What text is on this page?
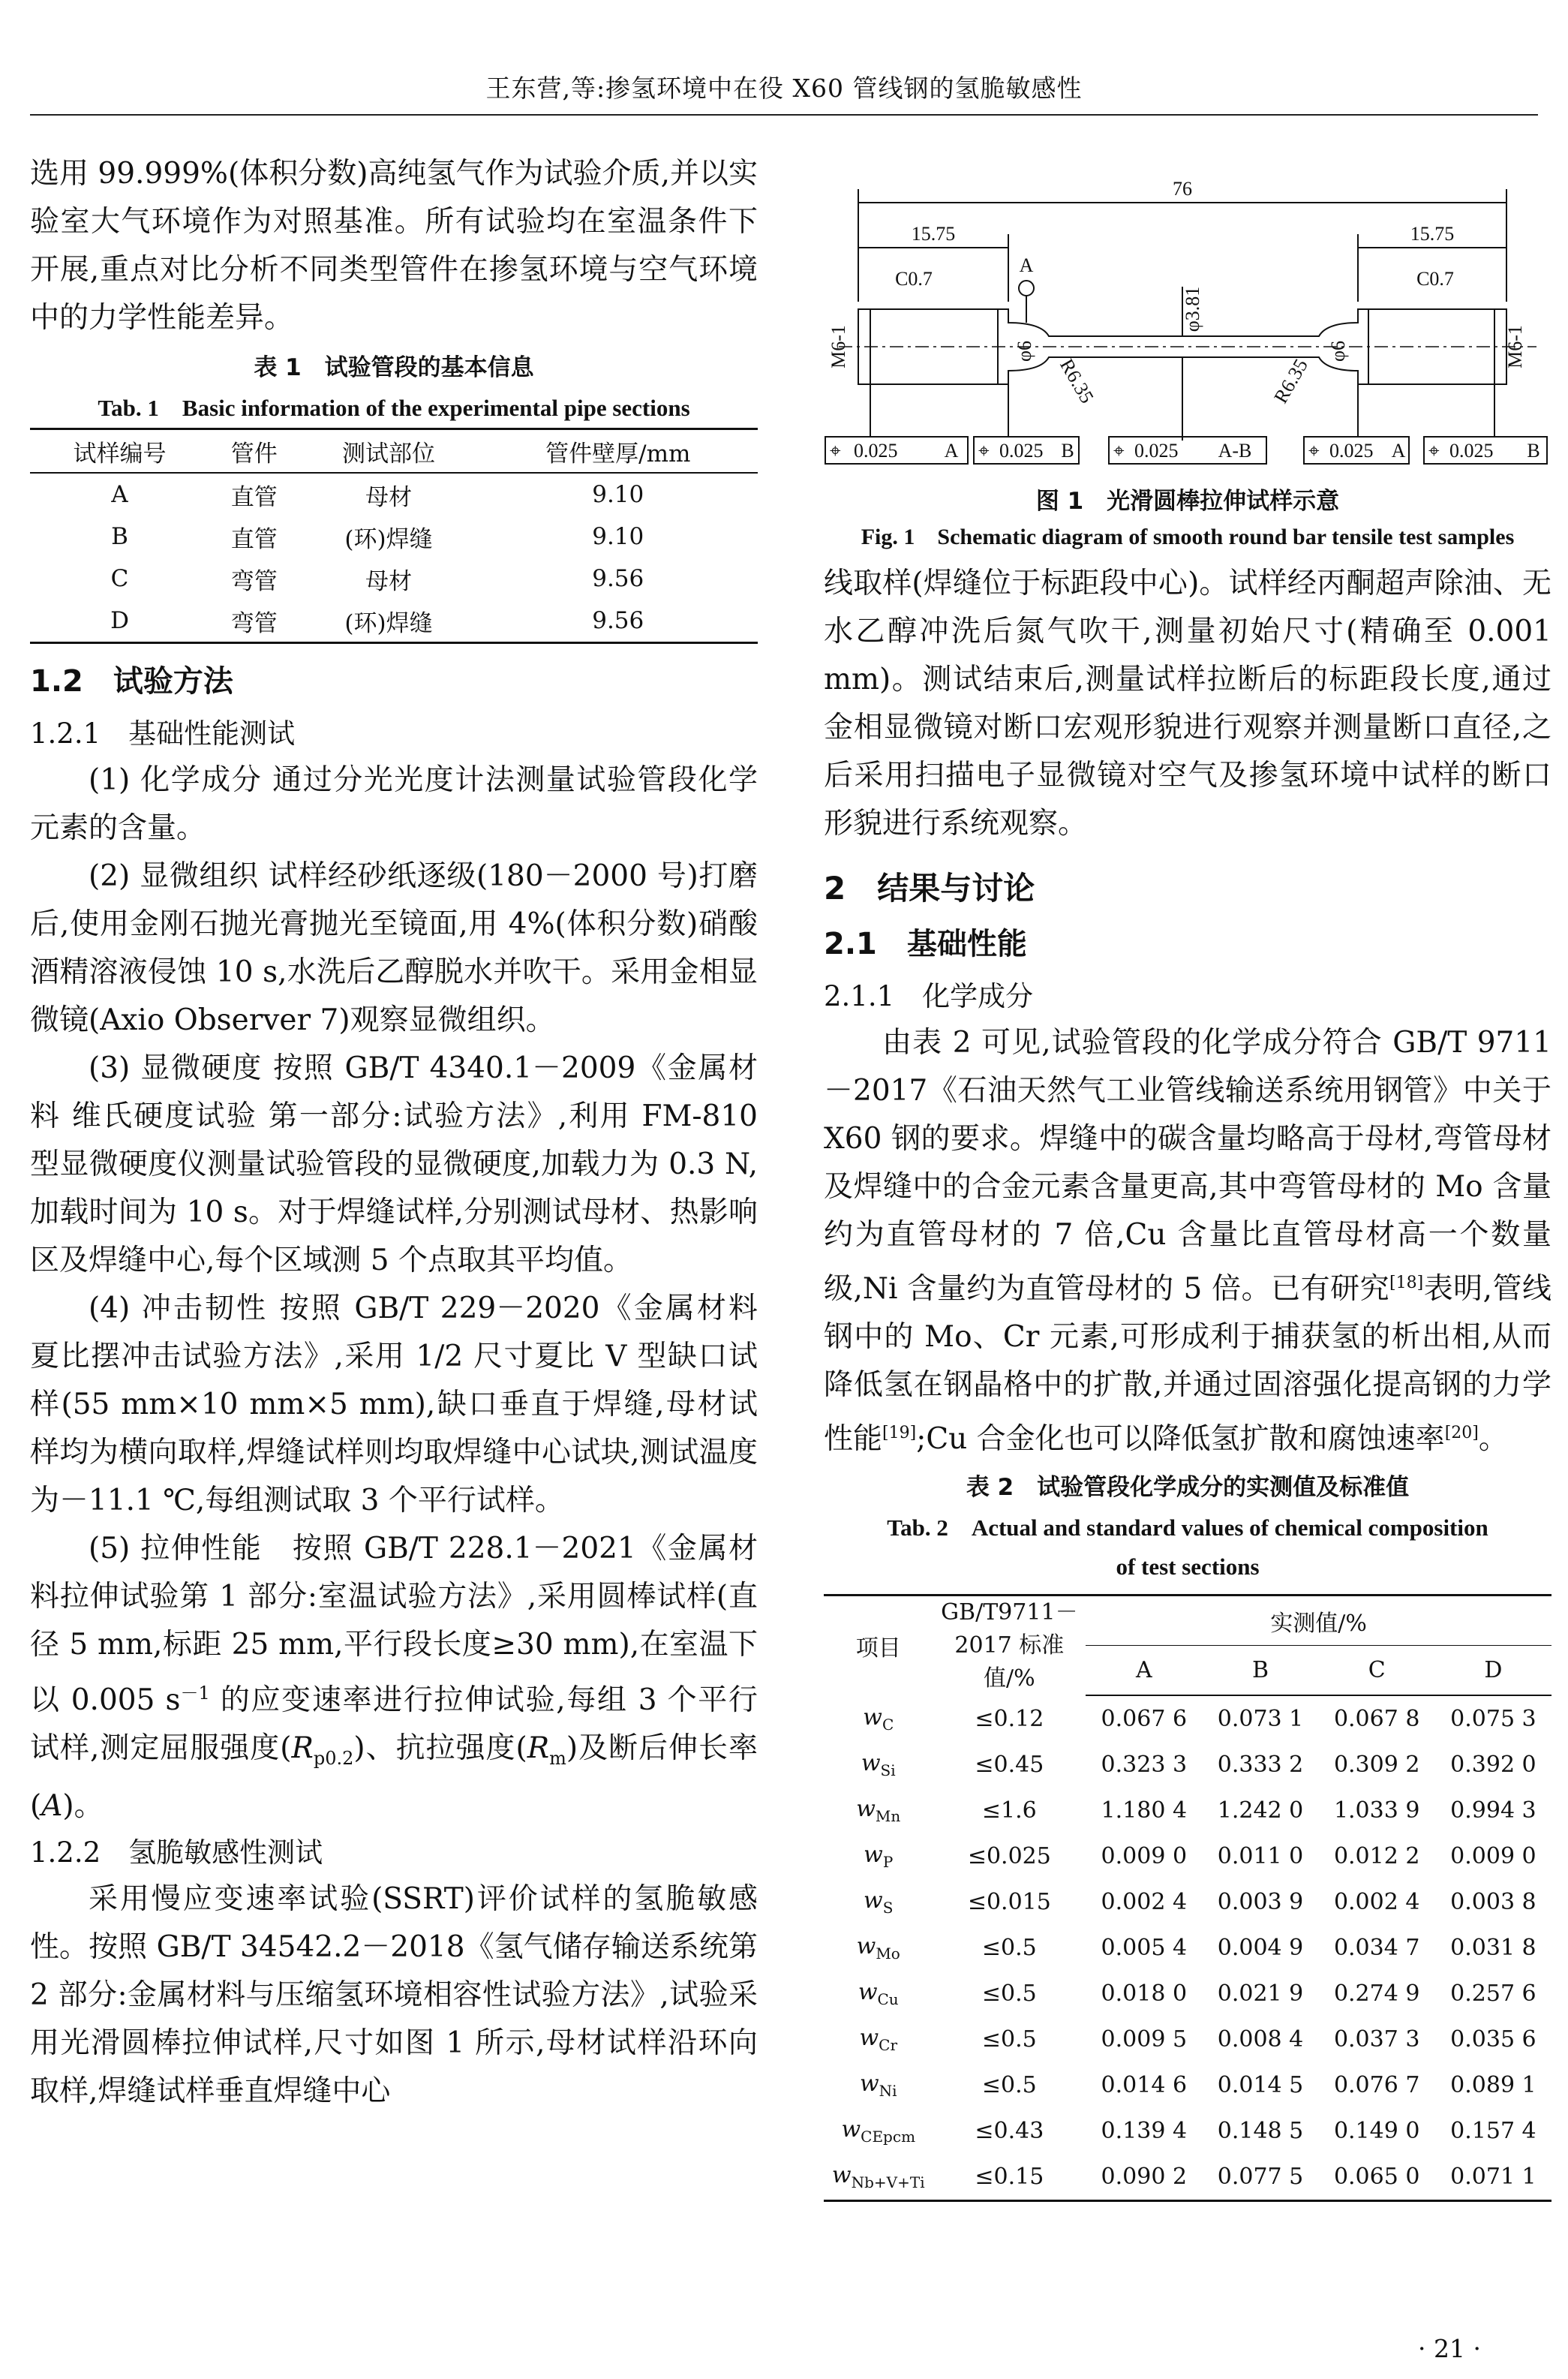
王东营,等:掺氢环境中在役 X60 管线钢的氢脆敏感性

选用 99.999%(体积分数)高纯氢气作为试验介质,并以实验室大气环境作为对照基准。所有试验均在室温条件下开展,重点对比分析不同类型管件在掺氢环境与空气环境中的力学性能差异。

表 1　试验管段的基本信息
Tab. 1　Basic information of the experimental pipe sections
试样编号	管件	测试部位	管件壁厚/mm
A	直管	母材	9.10
B	直管	(环)焊缝	9.10
C	弯管	母材	9.56
D	弯管	(环)焊缝	9.56
1.2　试验方法
1.2.1　基础性能测试

(1) 化学成分 通过分光光度计法测量试验管段化学元素的含量。

(2) 显微组织 试样经砂纸逐级(180－2000 号)打磨后,使用金刚石抛光膏抛光至镜面,用 4%(体积分数)硝酸酒精溶液侵蚀 10 s,水洗后乙醇脱水并吹干。采用金相显微镜(Axio Observer 7)观察显微组织。

(3) 显微硬度 按照 GB/T 4340.1－2009《金属材料 维氏硬度试验 第一部分:试验方法》,利用 FM-810 型显微硬度仪测量试验管段的显微硬度,加载力为 0.3 N,加载时间为 10 s。对于焊缝试样,分别测试母材、热影响区及焊缝中心,每个区域测 5 个点取其平均值。

(4) 冲击韧性 按照 GB/T 229－2020《金属材料 夏比摆冲击试验方法》,采用 1/2 尺寸夏比 V 型缺口试样(55 mm×10 mm×5 mm),缺口垂直于焊缝,母材试样均为横向取样,焊缝试样则均取焊缝中心试块,测试温度为－11.1 ℃,每组测试取 3 个平行试样。

(5) 拉伸性能　按照 GB/T 228.1－2021《金属材料拉伸试验第 1 部分:室温试验方法》,采用圆棒试样(直径 5 mm,标距 25 mm,平行段长度≥30 mm),在室温下以 0.005 $s^{-1}$ 的应变速率进行拉伸试验,每组 3 个平行试样,测定屈服强度$(R_{p0.2})$、抗拉强度$(R_m)$及断后伸长率(A)。

1.2.2　氢脆敏感性测试

采用慢应变速率试验(SSRT)评价试样的氢脆敏感性。按照 GB/T 34542.2－2018《氢气储存输送系统第 2 部分:金属材料与压缩氢环境相容性试验方法》,试验采用光滑圆棒拉伸试样,尺寸如图 1 所示,母材试样沿环向取样,焊缝试样垂直焊缝中心

76
15.75	15.75
C0.7	C0.7
A
φ3.81
φ6	φ6
R6.35	R6.35
M6-1	M6-1
⌖ 0.025 A ⌖ 0.025 B ⌖ 0.025 A-B	⌖ 0.025 A ⌖ 0.025 B
图 1　光滑圆棒拉伸试样示意
Fig. 1　Schematic diagram of smooth round bar tensile test samples

线取样(焊缝位于标距段中心)。试样经丙酮超声除油、无水乙醇冲洗后氮气吹干,测量初始尺寸(精确至 0.001 mm)。测试结束后,测量试样拉断后的标距段长度,通过金相显微镜对断口宏观形貌进行观察并测量断口直径,之后采用扫描电子显微镜对空气及掺氢环境中试样的断口形貌进行系统观察。

2　结果与讨论
2.1　基础性能
2.1.1　化学成分

由表 2 可见,试验管段的化学成分符合 GB/T 9711－2017《石油天然气工业管线输送系统用钢管》中关于 X60 钢的要求。焊缝中的碳含量均略高于母材,弯管母材及焊缝中的合金元素含量更高,其中弯管母材的 Mo 含量约为直管母材的 7 倍,Cu 含量比直管母材高一个数量级,Ni 含量约为直管母材的 5 倍。已有研究[18]表明,管线钢中的 Mo、Cr 元素,可形成利于捕获氢的析出相,从而降低氢在钢晶格中的扩散,并通过固溶强化提高钢的力学性能[19];Cu 合金化也可以降低氢扩散和腐蚀速率[20]。

表 2　试验管段化学成分的实测值及标准值
Tab. 2　Actual and standard values of chemical composition
of test sections
项目	GB/T9711－
2017 标准值/%	实测值/%			
		A	B	C	D
$w_C$	≤0.12	0.067 6	0.073 1	0.067 8	0.075 3
$w_{Si}$	≤0.45	0.323 3	0.333 2	0.309 2	0.392 0
$w_{Mn}$	≤1.6	1.180 4	1.242 0	1.033 9	0.994 3
$w_P$	≤0.025	0.009 0	0.011 0	0.012 2	0.009 0
$w_S$	≤0.015	0.002 4	0.003 9	0.002 4	0.003 8
$w_{Mo}$	≤0.5	0.005 4	0.004 9	0.034 7	0.031 8
$w_{Cu}$	≤0.5	0.018 0	0.021 9	0.274 9	0.257 6
$w_{Cr}$	≤0.5	0.009 5	0.008 4	0.037 3	0.035 6
$w_{Ni}$	≤0.5	0.014 6	0.014 5	0.076 7	0.089 1
$w_{CEpcm}$	≤0.43	0.139 4	0.148 5	0.149 0	0.157 4
$w_{Nb+V+Ti}$	≤0.15	0.090 2	0.077 5	0.065 0	0.071 1
· 21 ·
